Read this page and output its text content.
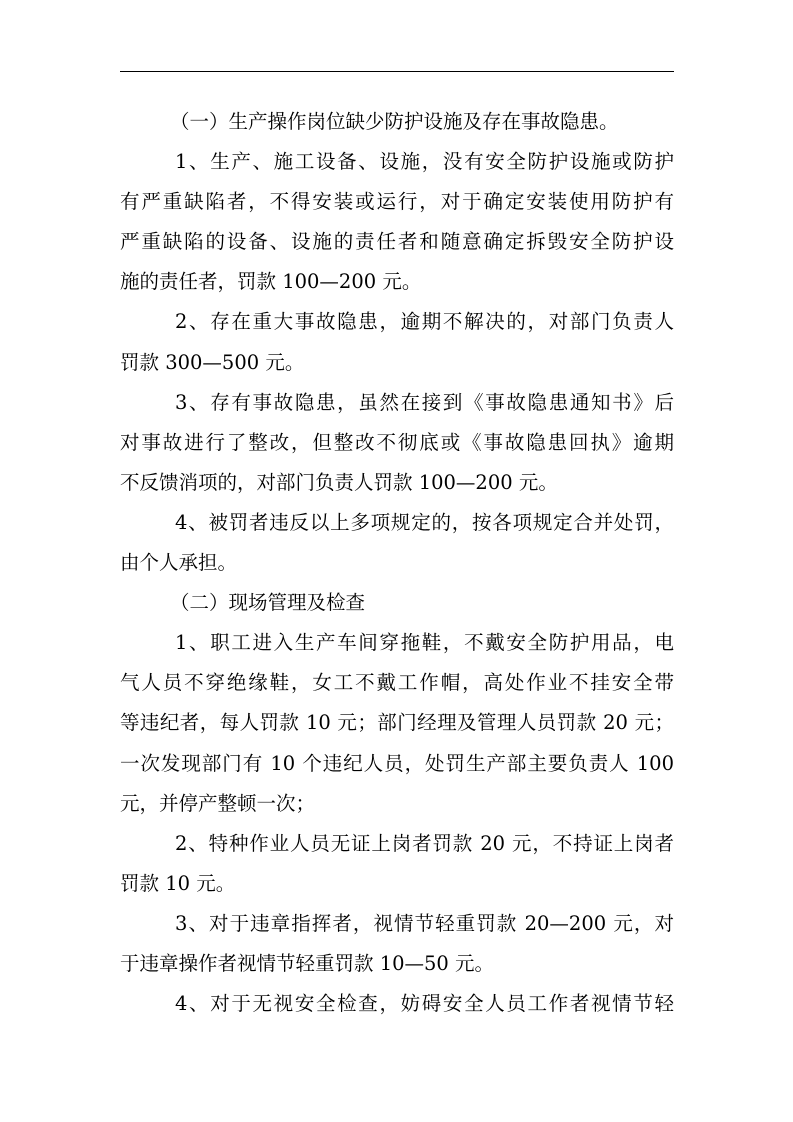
（一）生产操作岗位缺少防护设施及存在事故隐患。
1、生产、施工设备、设施，没有安全防护设施或防护
有严重缺陷者，不得安装或运行，对于确定安装使用防护有
严重缺陷的设备、设施的责任者和随意确定拆毁安全防护设
施的责任者，罚款 100—200 元。
2、存在重大事故隐患，逾期不解决的，对部门负责人
罚款 300—500 元。
3、存有事故隐患，虽然在接到《事故隐患通知书》后
对事故进行了整改，但整改不彻底或《事故隐患回执》逾期
不反馈消项的，对部门负责人罚款 100—200 元。
4、被罚者违反以上多项规定的，按各项规定合并处罚，
由个人承担。
（二）现场管理及检查
1、职工进入生产车间穿拖鞋，不戴安全防护用品，电
气人员不穿绝缘鞋，女工不戴工作帽，高处作业不挂安全带
等违纪者，每人罚款 10 元；部门经理及管理人员罚款 20 元；
一次发现部门有 10 个违纪人员，处罚生产部主要负责人 100
元，并停产整顿一次；
2、特种作业人员无证上岗者罚款 20 元，不持证上岗者
罚款 10 元。
3、对于违章指挥者，视情节轻重罚款 20—200 元，对
于违章操作者视情节轻重罚款 10—50 元。
4、对于无视安全检查，妨碍安全人员工作者视情节轻
